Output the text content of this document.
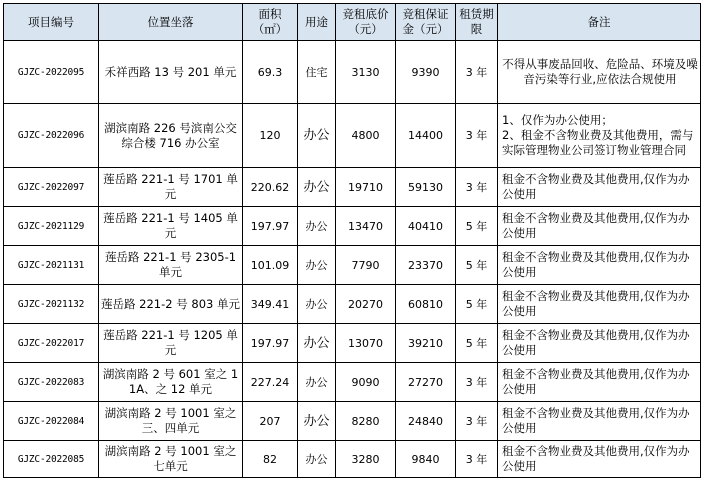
项目编号	位置坐落	面积（㎡）	用途	竞租底价（元）	竞租保证金（元）	租赁期限	备注
GJZC-2022095	禾祥西路 13 号 201 单元	69.3	住宅	3130	9390	3 年	不得从事废品回收、危险品、环境及噪音污染等行业,应依法合规使用
GJZC-2022096	湖滨南路 226 号滨南公交综合楼 716 办公室	120	办公	4800	14400	3 年	1、仅作为办公使用；
2、租金不含物业费及其他费用，需与实际管理物业公司签订物业管理合同
GJZC-2022097	莲岳路 221-1 号 1701 单元	220.62	办公	19710	59130	3 年	租金不含物业费及其他费用,仅作为办公使用
GJZC-2021129	莲岳路 221-1 号 1405 单元	197.97	办公	13470	40410	5 年	租金不含物业费及其他费用,仅作为办公使用
GJZC-2021131	莲岳路 221-1 号 2305-1 单元	101.09	办公	7790	23370	5 年	租金不含物业费及其他费用,仅作为办公使用
GJZC-2021132	莲岳路 221-2 号 803 单元	349.41	办公	20270	60810	5 年	租金不含物业费及其他费用,仅作为办公使用
GJZC-2022017	莲岳路 221-1 号 1205 单元	197.97	办公	13070	39210	5 年	租金不含物业费及其他费用,仅作为办公使用
GJZC-2022083	湖滨南路 2 号 601 室之 11A、之 12 单元	227.24	办公	9090	27270	3 年	租金不含物业费及其他费用,仅作为办公使用
GJZC-2022084	湖滨南路 2 号 1001 室之三、四单元	207	办公	8280	24840	3 年	租金不含物业费及其他费用,仅作为办公使用
GJZC-2022085	湖滨南路 2 号 1001 室之七单元	82	办公	3280	9840	3 年	租金不含物业费及其他费用,仅作为办公使用
